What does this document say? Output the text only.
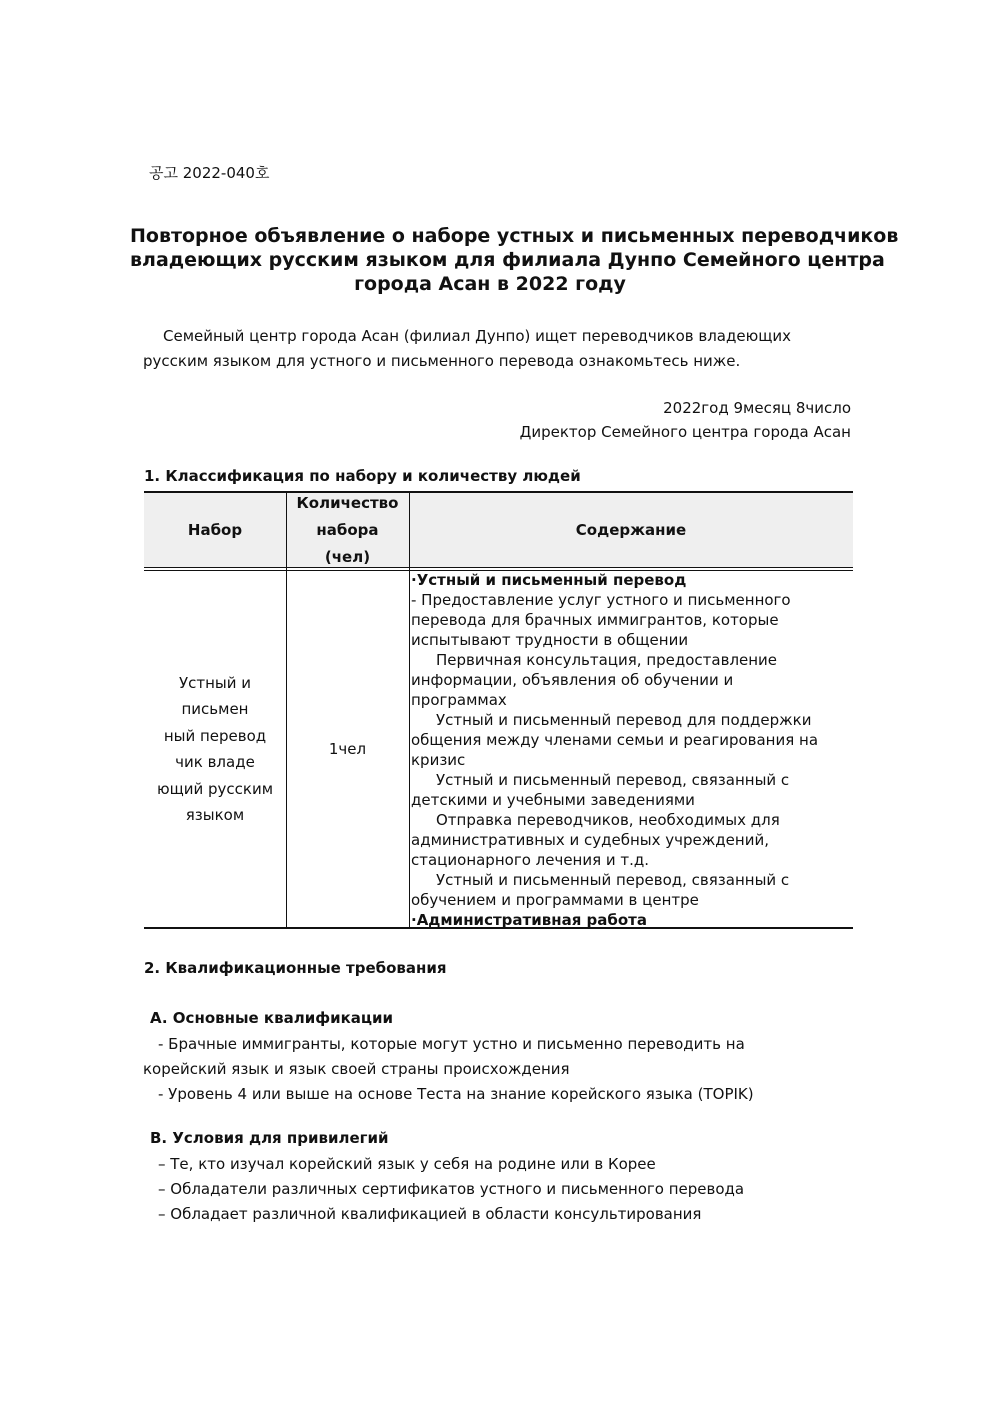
공고 2022-040호
Повторное объявление о наборе устных и письменных переводчиков
владеющих русским языком для филиала Дунпо Семейного центра
города Асан в 2022 году
Семейный центр города Асан (филиал Дунпо) ищет переводчиков владеющих
русским языком для устного и письменного перевода ознакомьтесь ниже.
2022год 9месяц 8число
Директор Семейного центра города Асан
1. Классификация по набору и количеству людей
Набор
Количество
набора
(чел)
Содержание
Устный и
письмен
ный перевод
чик владе
ющий русским
языком
1чел
·Устный и письменный перевод
- Предоставление услуг устного и письменного
перевода для брачных иммигрантов, которые
испытывают трудности в общении
Первичная консультация, предоставление
информации, объявления об обучении и
программах
Устный и письменный перевод для поддержки
общения между членами семьи и реагирования на
кризис
Устный и письменный перевод, связанный с
детскими и учебными заведениями
Отправка переводчиков, необходимых для
административных и судебных учреждений,
стационарного лечения и т.д.
Устный и письменный перевод, связанный с
обучением и программами в центре
·Административная работа
2. Квалификационные требования
A. Основные квалификации
- Брачные иммигранты, которые могут устно и письменно переводить на
корейский язык и язык своей страны происхождения
- Уровень 4 или выше на основе Теста на знание корейского языка (TOPIK)
B. Условия для привилегий
– Те, кто изучал корейский язык у себя на родине или в Корее
– Обладатели различных сертификатов устного и письменного перевода
– Обладает различной квалификацией в области консультирования
